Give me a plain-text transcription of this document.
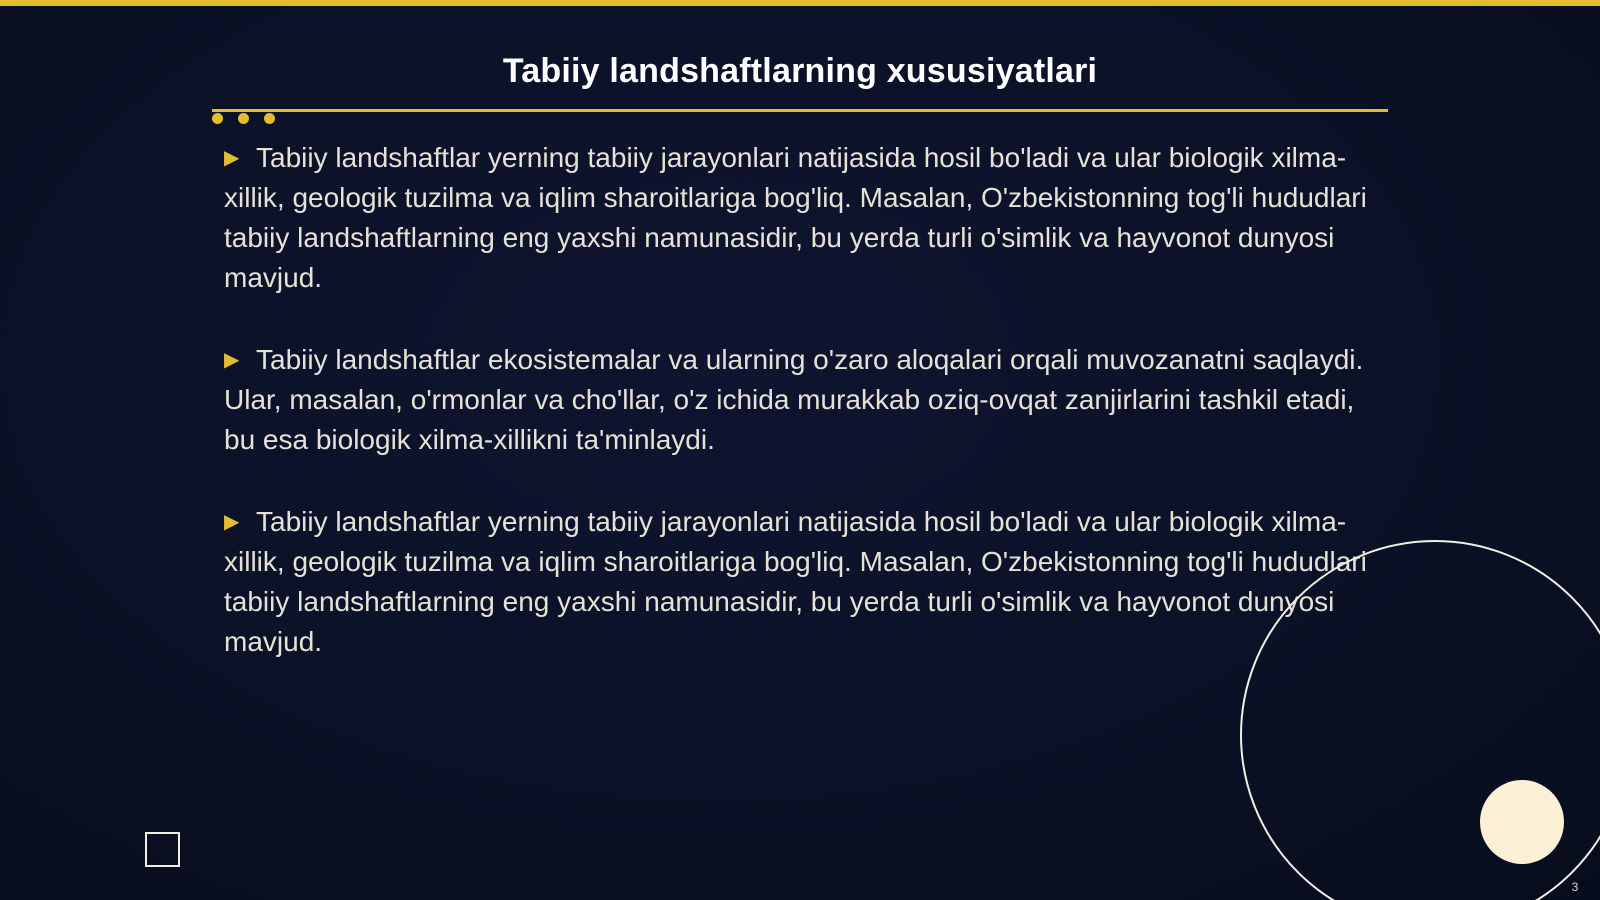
Tabiiy landshaftlarning xususiyatlari

▶ Tabiiy landshaftlar yerning tabiiy jarayonlari natijasida hosil bo'ladi va ular biologik xilma-xillik, geologik tuzilma va iqlim sharoitlariga bog'liq. Masalan, O'zbekistonning tog'li hududlari tabiiy landshaftlarning eng yaxshi namunasidir, bu yerda turli o'simlik va hayvonot dunyosi mavjud.

▶ Tabiiy landshaftlar ekosistemalar va ularning o'zaro aloqalari orqali muvozanatni saqlaydi. Ular, masalan, o'rmonlar va cho'llar, o'z ichida murakkab oziq-ovqat zanjirlarini tashkil etadi, bu esa biologik xilma-xillikni ta'minlaydi.

▶ Tabiiy landshaftlar yerning tabiiy jarayonlari natijasida hosil bo'ladi va ular biologik xilma-xillik, geologik tuzilma va iqlim sharoitlariga bog'liq. Masalan, O'zbekistonning tog'li hududlari tabiiy landshaftlarning eng yaxshi namunasidir, bu yerda turli o'simlik va hayvonot dunyosi mavjud.

3
